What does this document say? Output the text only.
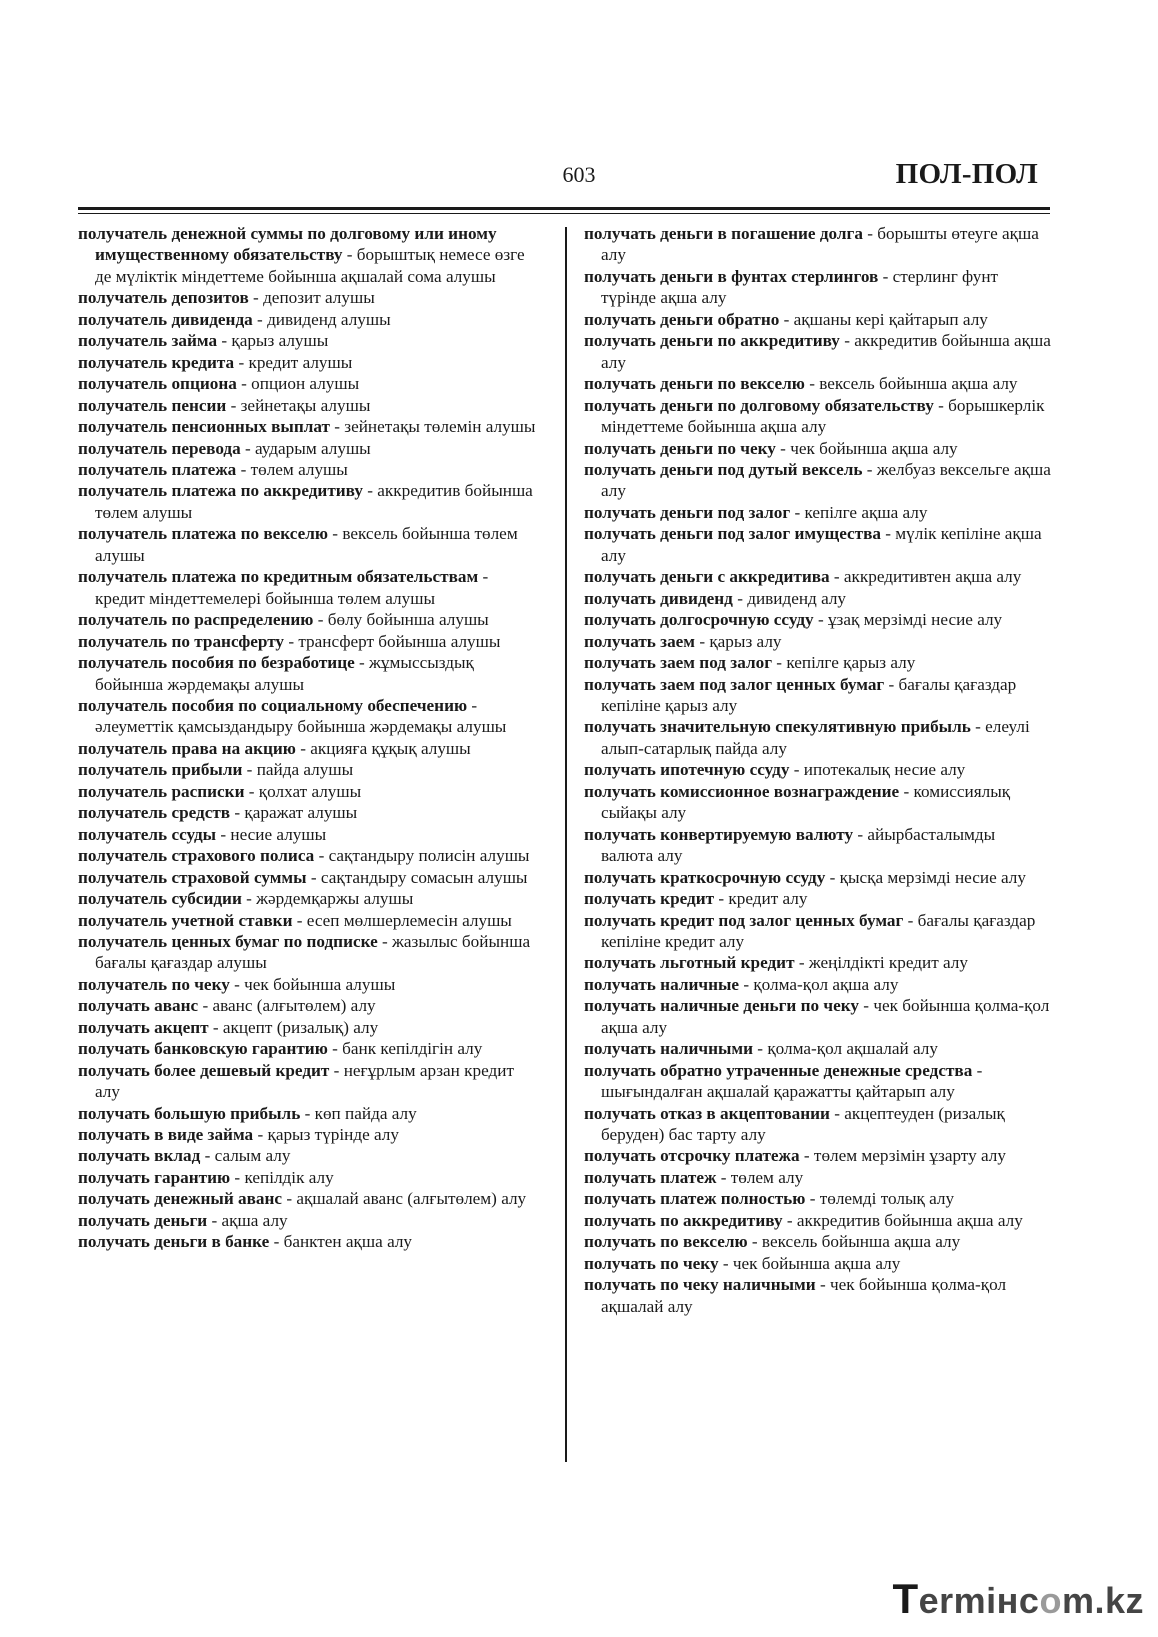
603	ПОЛ-ПОЛ
получатель денежной суммы по долговому или иному имущественному обязательству - борыштық немесе өзге де мүліктік міндеттеме бойынша ақшалай сома алушы
получатель депозитов - депозит алушы
получатель дивиденда - дивиденд алушы
получатель займа - қарыз алушы
получатель кредита - кредит алушы
получатель опциона - опцион алушы
получатель пенсии - зейнетақы алушы
получатель пенсионных выплат - зейнетақы төлемін алушы
получатель перевода - аударым алушы
получатель платежа - төлем алушы
получатель платежа по аккредитиву - аккредитив бойынша төлем алушы
получатель платежа по векселю - вексель бойынша төлем алушы
получатель платежа по кредитным обязательствам - кредит міндеттемелері бойынша төлем алушы
получатель по распределению - бөлу бойынша алушы
получатель по трансферту - трансферт бойынша алушы
получатель пособия по безработице - жұмыссыздық бойынша жәрдемақы алушы
получатель пособия по социальному обеспечению - әлеуметтік қамсыздандыру бойынша жәрдемақы алушы
получатель права на акцию - акцияға құқық алушы
получатель прибыли - пайда алушы
получатель расписки - қолхат алушы
получатель средств - қаражат алушы
получатель ссуды - несие алушы
получатель страхового полиса - сақтандыру полисін алушы
получатель страховой суммы - сақтандыру сомасын алушы
получатель субсидии - жәрдемқаржы алушы
получатель учетной ставки - есеп мөлшерлемесін алушы
получатель ценных бумаг по подписке - жазылыс бойынша бағалы қағаздар алушы
получатель по чеку - чек бойынша алушы
получать аванс - аванс (алғытөлем) алу
получать акцепт - акцепт (ризалық) алу
получать банковскую гарантию - банк кепілдігін алу
получать более дешевый кредит - неғұрлым арзан кредит алу
получать большую прибыль - көп пайда алу
получать в виде займа - қарыз түрінде алу
получать вклад - салым алу
получать гарантию - кепілдік алу
получать денежный аванс - ақшалай аванс (алғытөлем) алу
получать деньги - ақша алу
получать деньги в банке - банктен ақша алу
получать деньги в погашение долга - борышты өтеуге ақша алу
получать деньги в фунтах стерлингов - стерлинг фунт түрінде ақша алу
получать деньги обратно - ақшаны кері қайтарып алу
получать деньги по аккредитиву - аккредитив бойынша ақша алу
получать деньги по векселю - вексель бойынша ақша алу
получать деньги по долговому обязательству - борышкерлік міндеттеме бойынша ақша алу
получать деньги по чеку - чек бойынша ақша алу
получать деньги под дутый вексель - желбуаз вексельге ақша алу
получать деньги под залог - кепілге ақша алу
получать деньги под залог имущества - мүлік кепіліне ақша алу
получать деньги с аккредитива - аккредитивтен ақша алу
получать дивиденд - дивиденд алу
получать долгосрочную ссуду - ұзақ мерзімді несие алу
получать заем - қарыз алу
получать заем под залог - кепілге қарыз алу
получать заем под залог ценных бумаг - бағалы қағаздар кепіліне қарыз алу
получать значительную спекулятивную прибыль - елеулі алып-сатарлық пайда алу
получать ипотечную ссуду - ипотекалық несие алу
получать комиссионное вознаграждение - комиссиялық сыйақы алу
получать конвертируемую валюту - айырбасталымды валюта алу
получать краткосрочную ссуду - қысқа мерзімді несие алу
получать кредит - кредит алу
получать кредит под залог ценных бумаг - бағалы қағаздар кепіліне кредит алу
получать льготный кредит - жеңілдікті кредит алу
получать наличные - қолма-қол ақша алу
получать наличные деньги по чеку - чек бойынша қолма-қол ақша алу
получать наличными - қолма-қол ақшалай алу
получать обратно утраченные денежные средства - шығындалған ақшалай қаражатты қайтарып алу
получать отказ в акцептовании - акцептеуден (ризалық беруден) бас тарту алу
получать отсрочку платежа - төлем мерзімін ұзарту алу
получать платеж - төлем алу
получать платеж полностью - төлемді толық алу
получать по аккредитиву - аккредитив бойынша ақша алу
получать по векселю - вексель бойынша ақша алу
получать по чеку - чек бойынша ақша алу
получать по чеку наличными - чек бойынша қолма-қол ақшалай алу
Termінcom.kz
